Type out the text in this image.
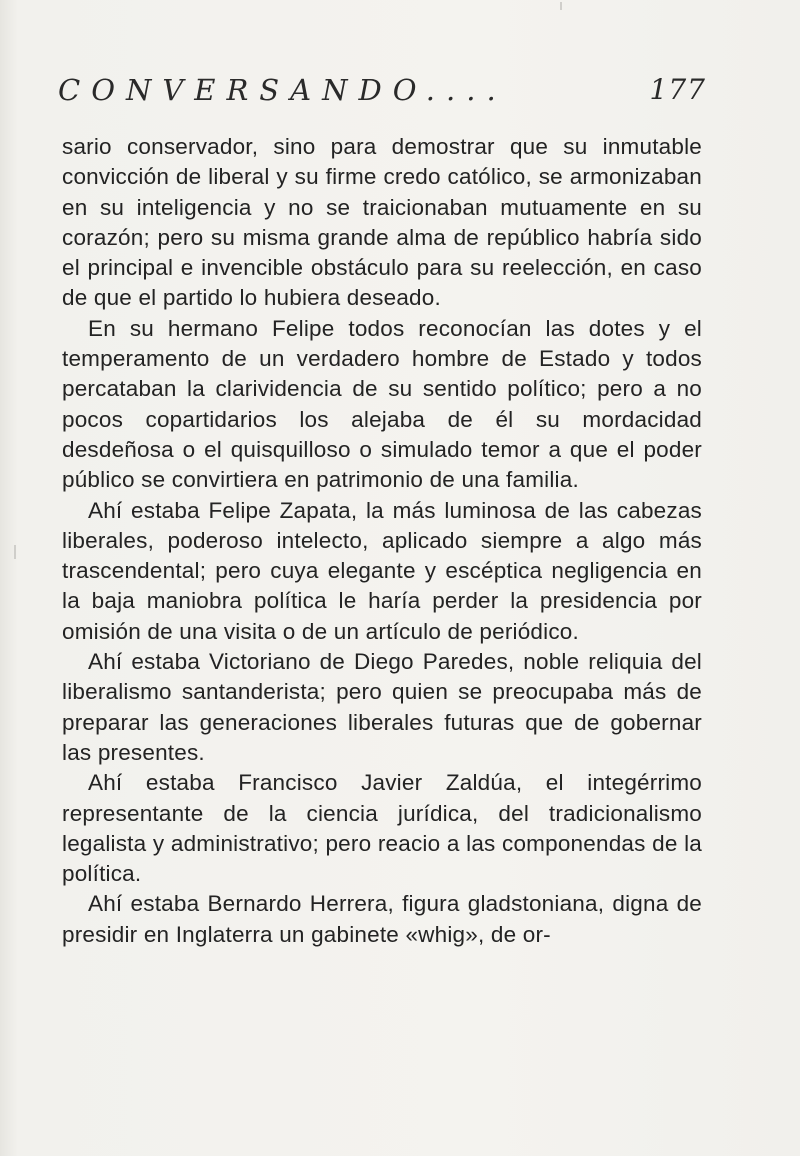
CONVERSANDO....	177

sario conservador, sino para demostrar que su inmutable convicción de liberal y su firme credo católico, se armonizaban en su inteligencia y no se traicionaban mutuamente en su corazón; pero su misma grande alma de repúblico habría sido el principal e invencible obstáculo para su reelección, en caso de que el partido lo hubiera deseado.

En su hermano Felipe todos reconocían las dotes y el temperamento de un verdadero hombre de Estado y todos percataban la clarividencia de su sentido político; pero a no pocos copartidarios los alejaba de él su mordacidad desdeñosa o el quisquilloso o simulado temor a que el poder público se convirtiera en patrimonio de una familia.

Ahí estaba Felipe Zapata, la más luminosa de las cabezas liberales, poderoso intelecto, aplicado siempre a algo más trascendental; pero cuya elegante y escéptica negligencia en la baja maniobra política le haría perder la presidencia por omisión de una visita o de un artículo de periódico.

Ahí estaba Victoriano de Diego Paredes, noble reliquia del liberalismo santanderista; pero quien se preocupaba más de preparar las generaciones liberales futuras que de gobernar las presentes.

Ahí estaba Francisco Javier Zaldúa, el integérrimo representante de la ciencia jurídica, del tradicionalismo legalista y administrativo; pero reacio a las componendas de la política.

Ahí estaba Bernardo Herrera, figura gladstoniana, digna de presidir en Inglaterra un gabinete «whig», de or-
